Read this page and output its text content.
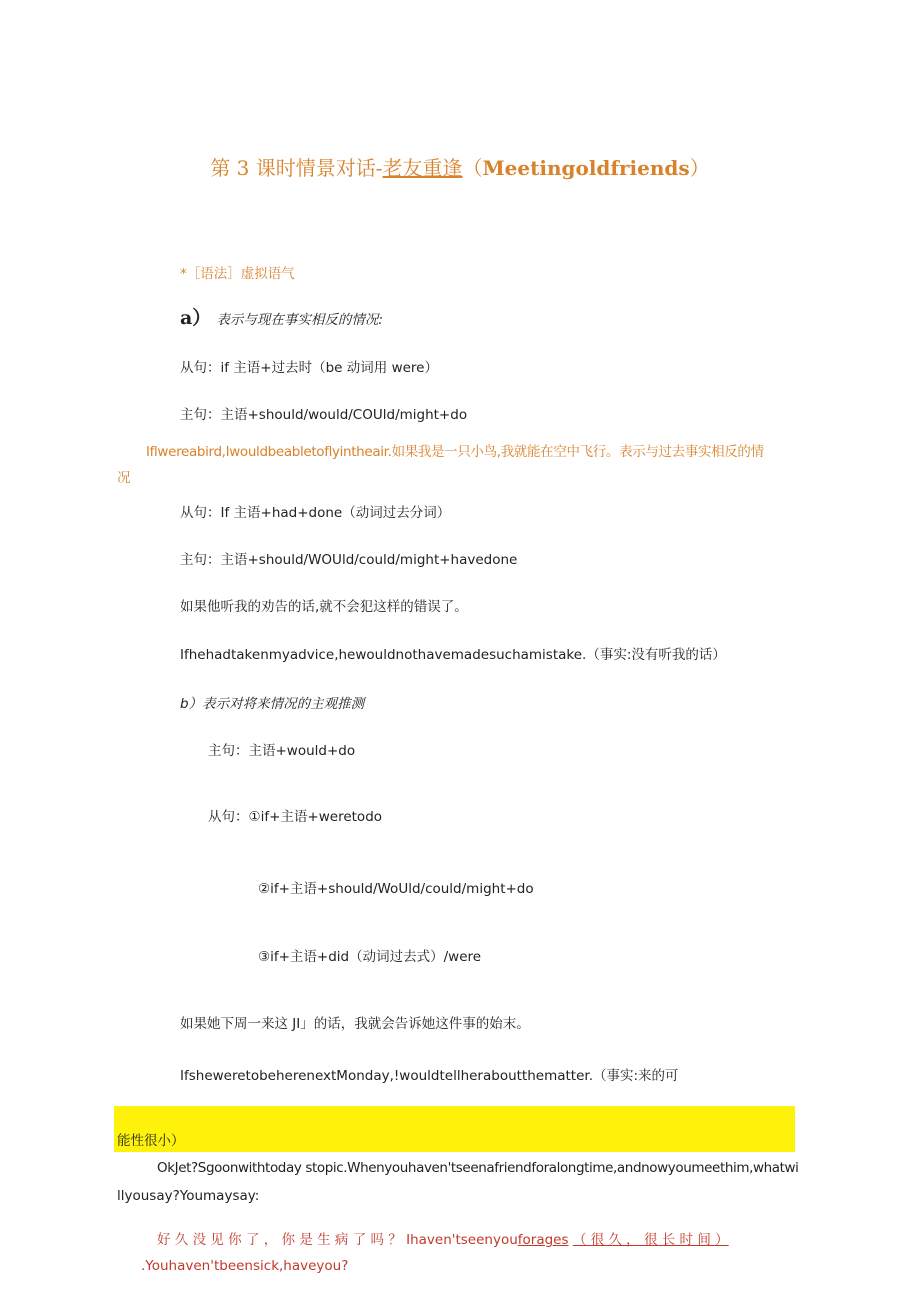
第 3 课时情景对话-老友重逢（Meetingoldfriends）
*［语法］虚拟语气
a） 表示与现在事实相反的情况:
从句：if 主语+过去时（be 动词用 were）
主句：主语+should/would/COUld/might+do
Iflwereabird,Iwouldbeabletoflyintheair.如果我是一只小鸟,我就能在空中飞行。表示与过去事实相反的情
况
从句：If 主语+had+done（动词过去分词）
主句：主语+should/WOUld/could/might+havedone
如果他听我的劝告的话,就不会犯这样的错误了。
Ifhehadtakenmyadvice,hewouldnothavemadesuchamistake.（事实:没有听我的话）
b）表示对将来情况的主观推测
主句：主语+would+do
从句：①if+主语+weretodo
②if+主语+should/WoUld/could/might+do
③if+主语+did（动词过去式）/were
如果她下周一来这 JI」的话，我就会告诉她这件事的始末。
IfsheweretobeherenextMonday,!wouldtellheraboutthematter.（事实:来的可
能性很小）
OkJet?Sgoonwithtoday stopic.Whenyouhaven'tseenafriendforalongtime,andnowyoumeethim,whatwi
llyousay?Youmaysay:
好 久 没 见 你 了 ， 你 是 生 病 了 吗 ？ Ihaven'tseenyouforages （ 很 久 ， 很 长 时 间 ）
.Youhaven'tbeensick,haveyou?
